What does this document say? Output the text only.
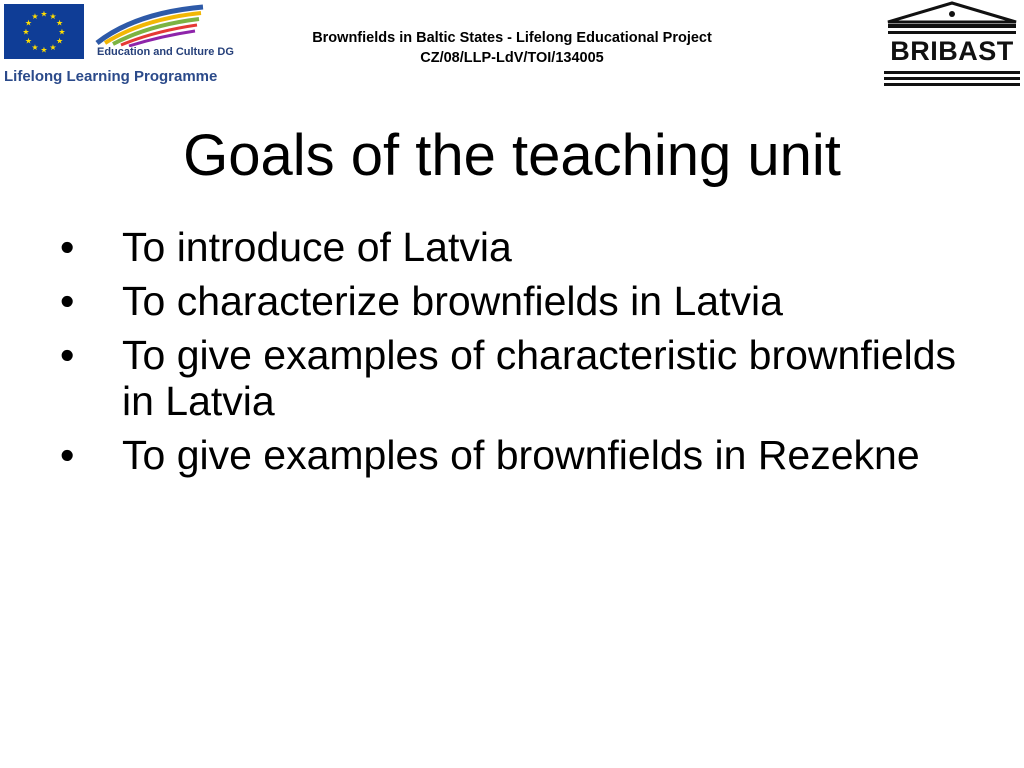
★ ★
★
★
★
★
★
★
★
★
★
★
Education and Culture DG
Lifelong Learning Programme
Brownfields in Baltic States - Lifelong Educational Project
CZ/08/LLP-LdV/TOI/134005	BRIBAST
Goals of the teaching unit
•	To introduce of Latvia
•	To characterize brownfields in Latvia
•	To give examples of characteristic brownfields in Latvia
•	To give examples of brownfields in Rezekne
